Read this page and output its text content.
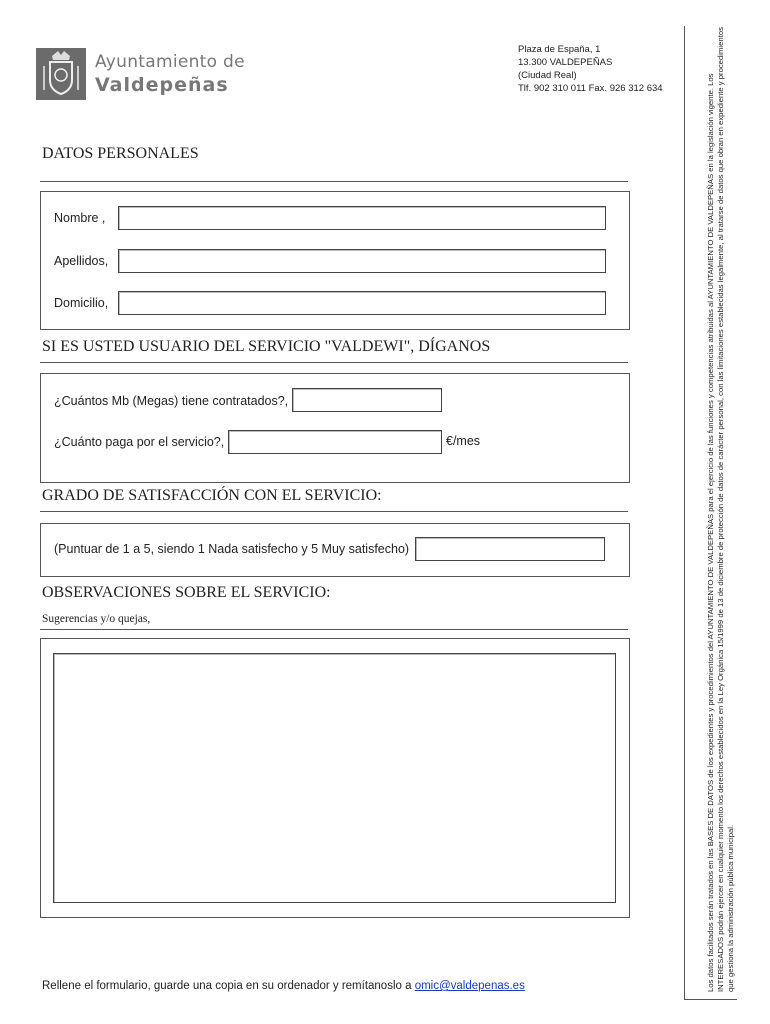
Ayuntamiento de
Valdepeñas
Plaza de España, 1
13.300 VALDEPEÑAS
(Ciudad Real)
Tlf. 902 310 011 Fax. 926 312 634	Los datos facilitados serán tratados en las BASES DE DATOS de los expedientes y procedimientos del AYUNTAMIENTO DE VALDEPEÑAS para el ejercicio de las funciones y competencias atribuidas al AYUNTAMIENTO DE VALDEPEÑAS en la legislación vigente. Los INTERESADOS podrán ejercer en cualquier momento los derechos establecidos en la Ley Orgánica 15/1999 de 13 de diciembre de protección de datos de carácter personal, con las limitaciones establecidas legalmente, al tratarse de datos que obran en expediente y procedimientos que gestiona la administración pública municipal.
DATOS PERSONALES
Nombre ,
Apellidos,
Domicilio,
SI ES USTED USUARIO DEL SERVICIO "VALDEWI", DÍGANOS
¿Cuántos Mb (Megas) tiene contratados?,
¿Cuánto paga por el servicio?,	€/mes
GRADO DE SATISFACCIÓN CON EL SERVICIO:
(Puntuar de 1 a 5, siendo 1 Nada satisfecho y 5 Muy satisfecho)
OBSERVACIONES SOBRE EL SERVICIO:
Sugerencias y/o quejas,
Rellene el formulario, guarde una copia en su ordenador y remítanoslo a omic@valdepenas.es
